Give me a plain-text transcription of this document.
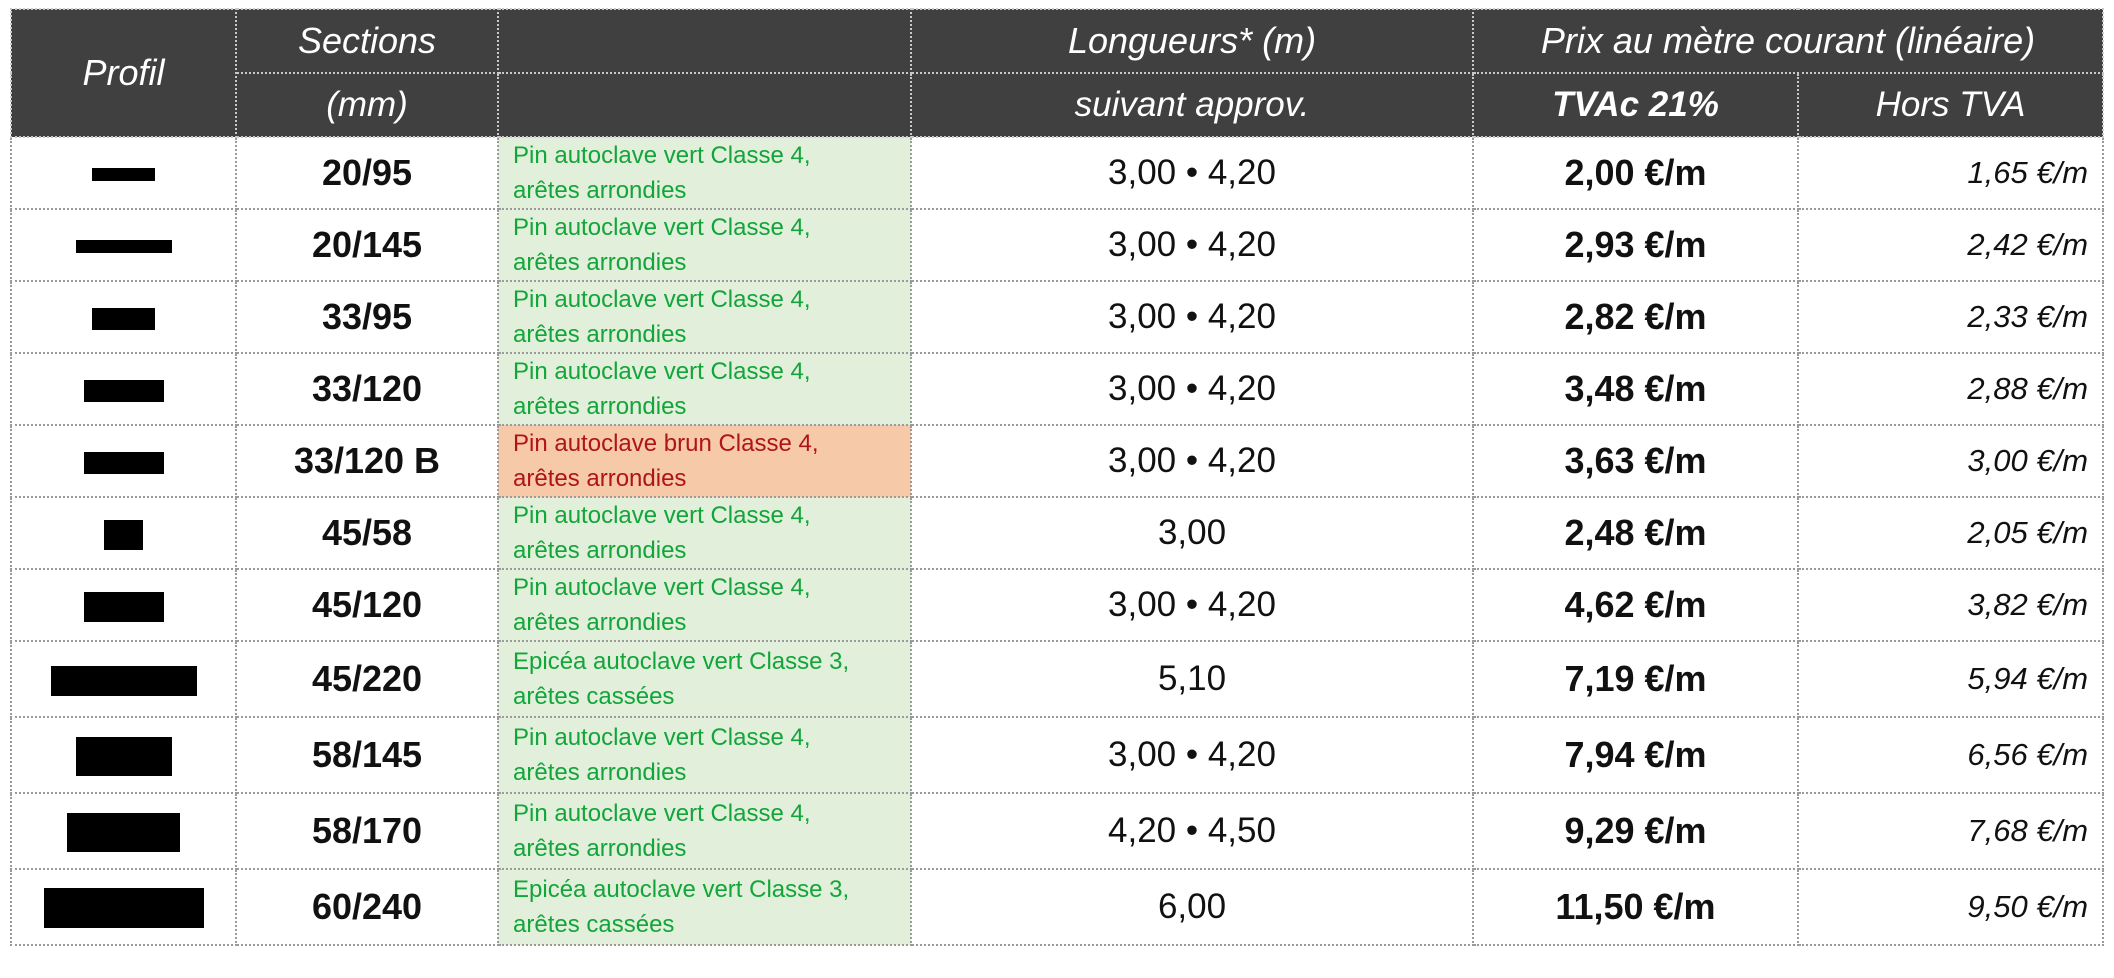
Profil	Sections		Longueurs* (m)	Prix au mètre courant (linéaire)	
	(mm)		suivant approv.	TVAc 21%	Hors TVA
	20/95	Pin autoclave vert Classe 4,
arêtes arrondies	3,00 • 4,20	2,00 €/m	1,65 €/m
	20/145	Pin autoclave vert Classe 4,
arêtes arrondies	3,00 • 4,20	2,93 €/m	2,42 €/m
	33/95	Pin autoclave vert Classe 4,
arêtes arrondies	3,00 • 4,20	2,82 €/m	2,33 €/m
	33/120	Pin autoclave vert Classe 4,
arêtes arrondies	3,00 • 4,20	3,48 €/m	2,88 €/m
	33/120 B	Pin autoclave brun Classe 4,
arêtes arrondies	3,00 • 4,20	3,63 €/m	3,00 €/m
	45/58	Pin autoclave vert Classe 4,
arêtes arrondies	3,00	2,48 €/m	2,05 €/m
	45/120	Pin autoclave vert Classe 4,
arêtes arrondies	3,00 • 4,20	4,62 €/m	3,82 €/m
	45/220	Epicéa autoclave vert Classe 3,
arêtes cassées	5,10	7,19 €/m	5,94 €/m
	58/145	Pin autoclave vert Classe 4,
arêtes arrondies	3,00 • 4,20	7,94 €/m	6,56 €/m
	58/170	Pin autoclave vert Classe 4,
arêtes arrondies	4,20 • 4,50	9,29 €/m	7,68 €/m
	60/240	Epicéa autoclave vert Classe 3,
arêtes cassées	6,00	11,50 €/m	9,50 €/m
